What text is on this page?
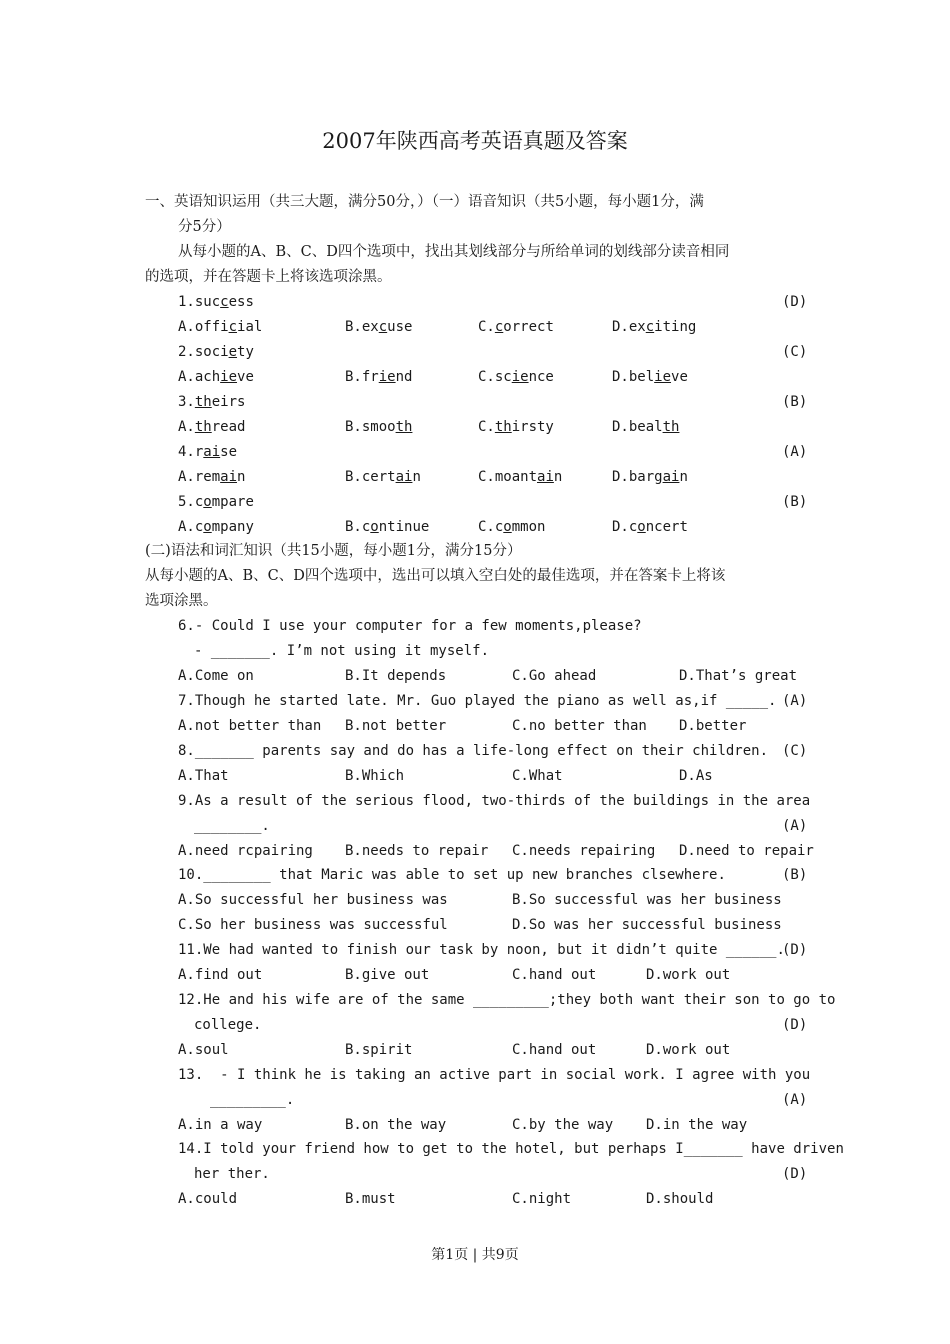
2007年陕西高考英语真题及答案
一、英语知识运用（共三大题，满分50分，）（一）语音知识（共5小题，每小题1分，满
分5分）
从每小题的A、B、C、D四个选项中，找出其划线部分与所给单词的划线部分读音相同
的选项，并在答题卡上将该选项涂黑。
1.success	(D)
A.official	B.excuse	C.correct	D.exciting
2.society	(C)
A.achieve	B.friend	C.science	D.believe
3.theirs	(B)
A.thread	B.smooth	C.thirsty	D.bealth
4.raise	(A)
A.remain	B.certain	C.moantain	D.bargain
5.compare	(B)
A.company	B.continue	C.common	D.concert
(二)语法和词汇知识（共15小题，每小题1分，满分15分）
从每小题的A、B、C、D四个选项中，选出可以填入空白处的最佳选项，并在答案卡上将该
选项涂黑。
6.- Could I use your computer for a few moments,please?
- _______. I’m not using it myself.
A.Come on	B.It depends	C.Go ahead	D.That’s great
7.Though he started late. Mr. Guo played the piano as well as,if _____. (A)
A.not better than B.not better	C.no better than D.better
8._______ parents say and do has a life-long effect on their children. (C)
A.That	B.Which	C.What	D.As
9.As a result of the serious flood, two-thirds of the buildings in the area
________.	(A)
A.need rcpairing B.needs to repair C.needs repairing D.need to repair
10.________ that Maric was able to set up new branches clsewhere.	(B)
A.So successful her business was	B.So successful was her business
C.So her business was successful	D.So was her successful business
11.We had wanted to finish our task by noon, but it didn’t quite ______.
(D)
A.find out	B.give out	C.hand out	D.work out
12.He and his wife are of the same _________;they both want their son to go to
college.	(D)
A.soul	B.spirit	C.hand out	D.work out
13.  - I think he is taking an active part in social work. I agree with you
_________.	(A)
A.in a way	B.on the way	C.by the way D.in the way
14.I told your friend how to get to the hotel, but perhaps I_______ have driven
her ther.	(D)
A.could	B.must	C.night	D.should
第1页 | 共9页
